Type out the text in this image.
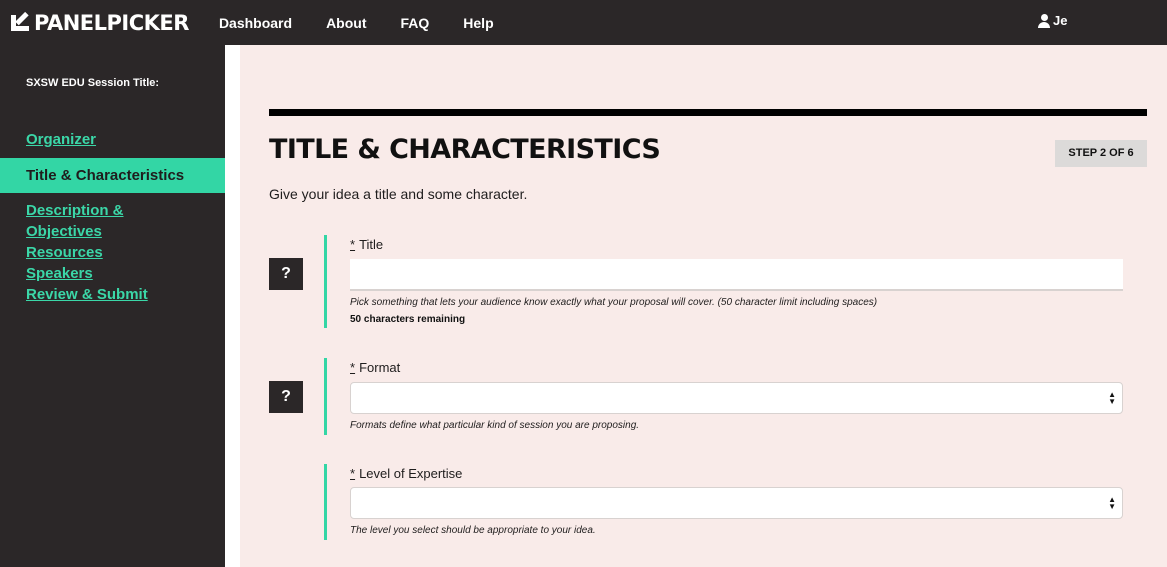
PANELPICKER Dashboard About FAQ Help	Je
SXSW EDU Session Title:
Organizer
Title & Characteristics
Description & Objectives
Resources
Speakers
Review & Submit
TITLE & CHARACTERISTICS	STEP 2 OF 6
Give your idea a title and some character.
?
* Title
Pick something that lets your audience know exactly what your proposal will cover. (50 character limit including spaces)
50 characters remaining
?
* Format
▲
▼
Formats define what particular kind of session you are proposing.
* Level of Expertise
▲
▼
The level you select should be appropriate to your idea.
